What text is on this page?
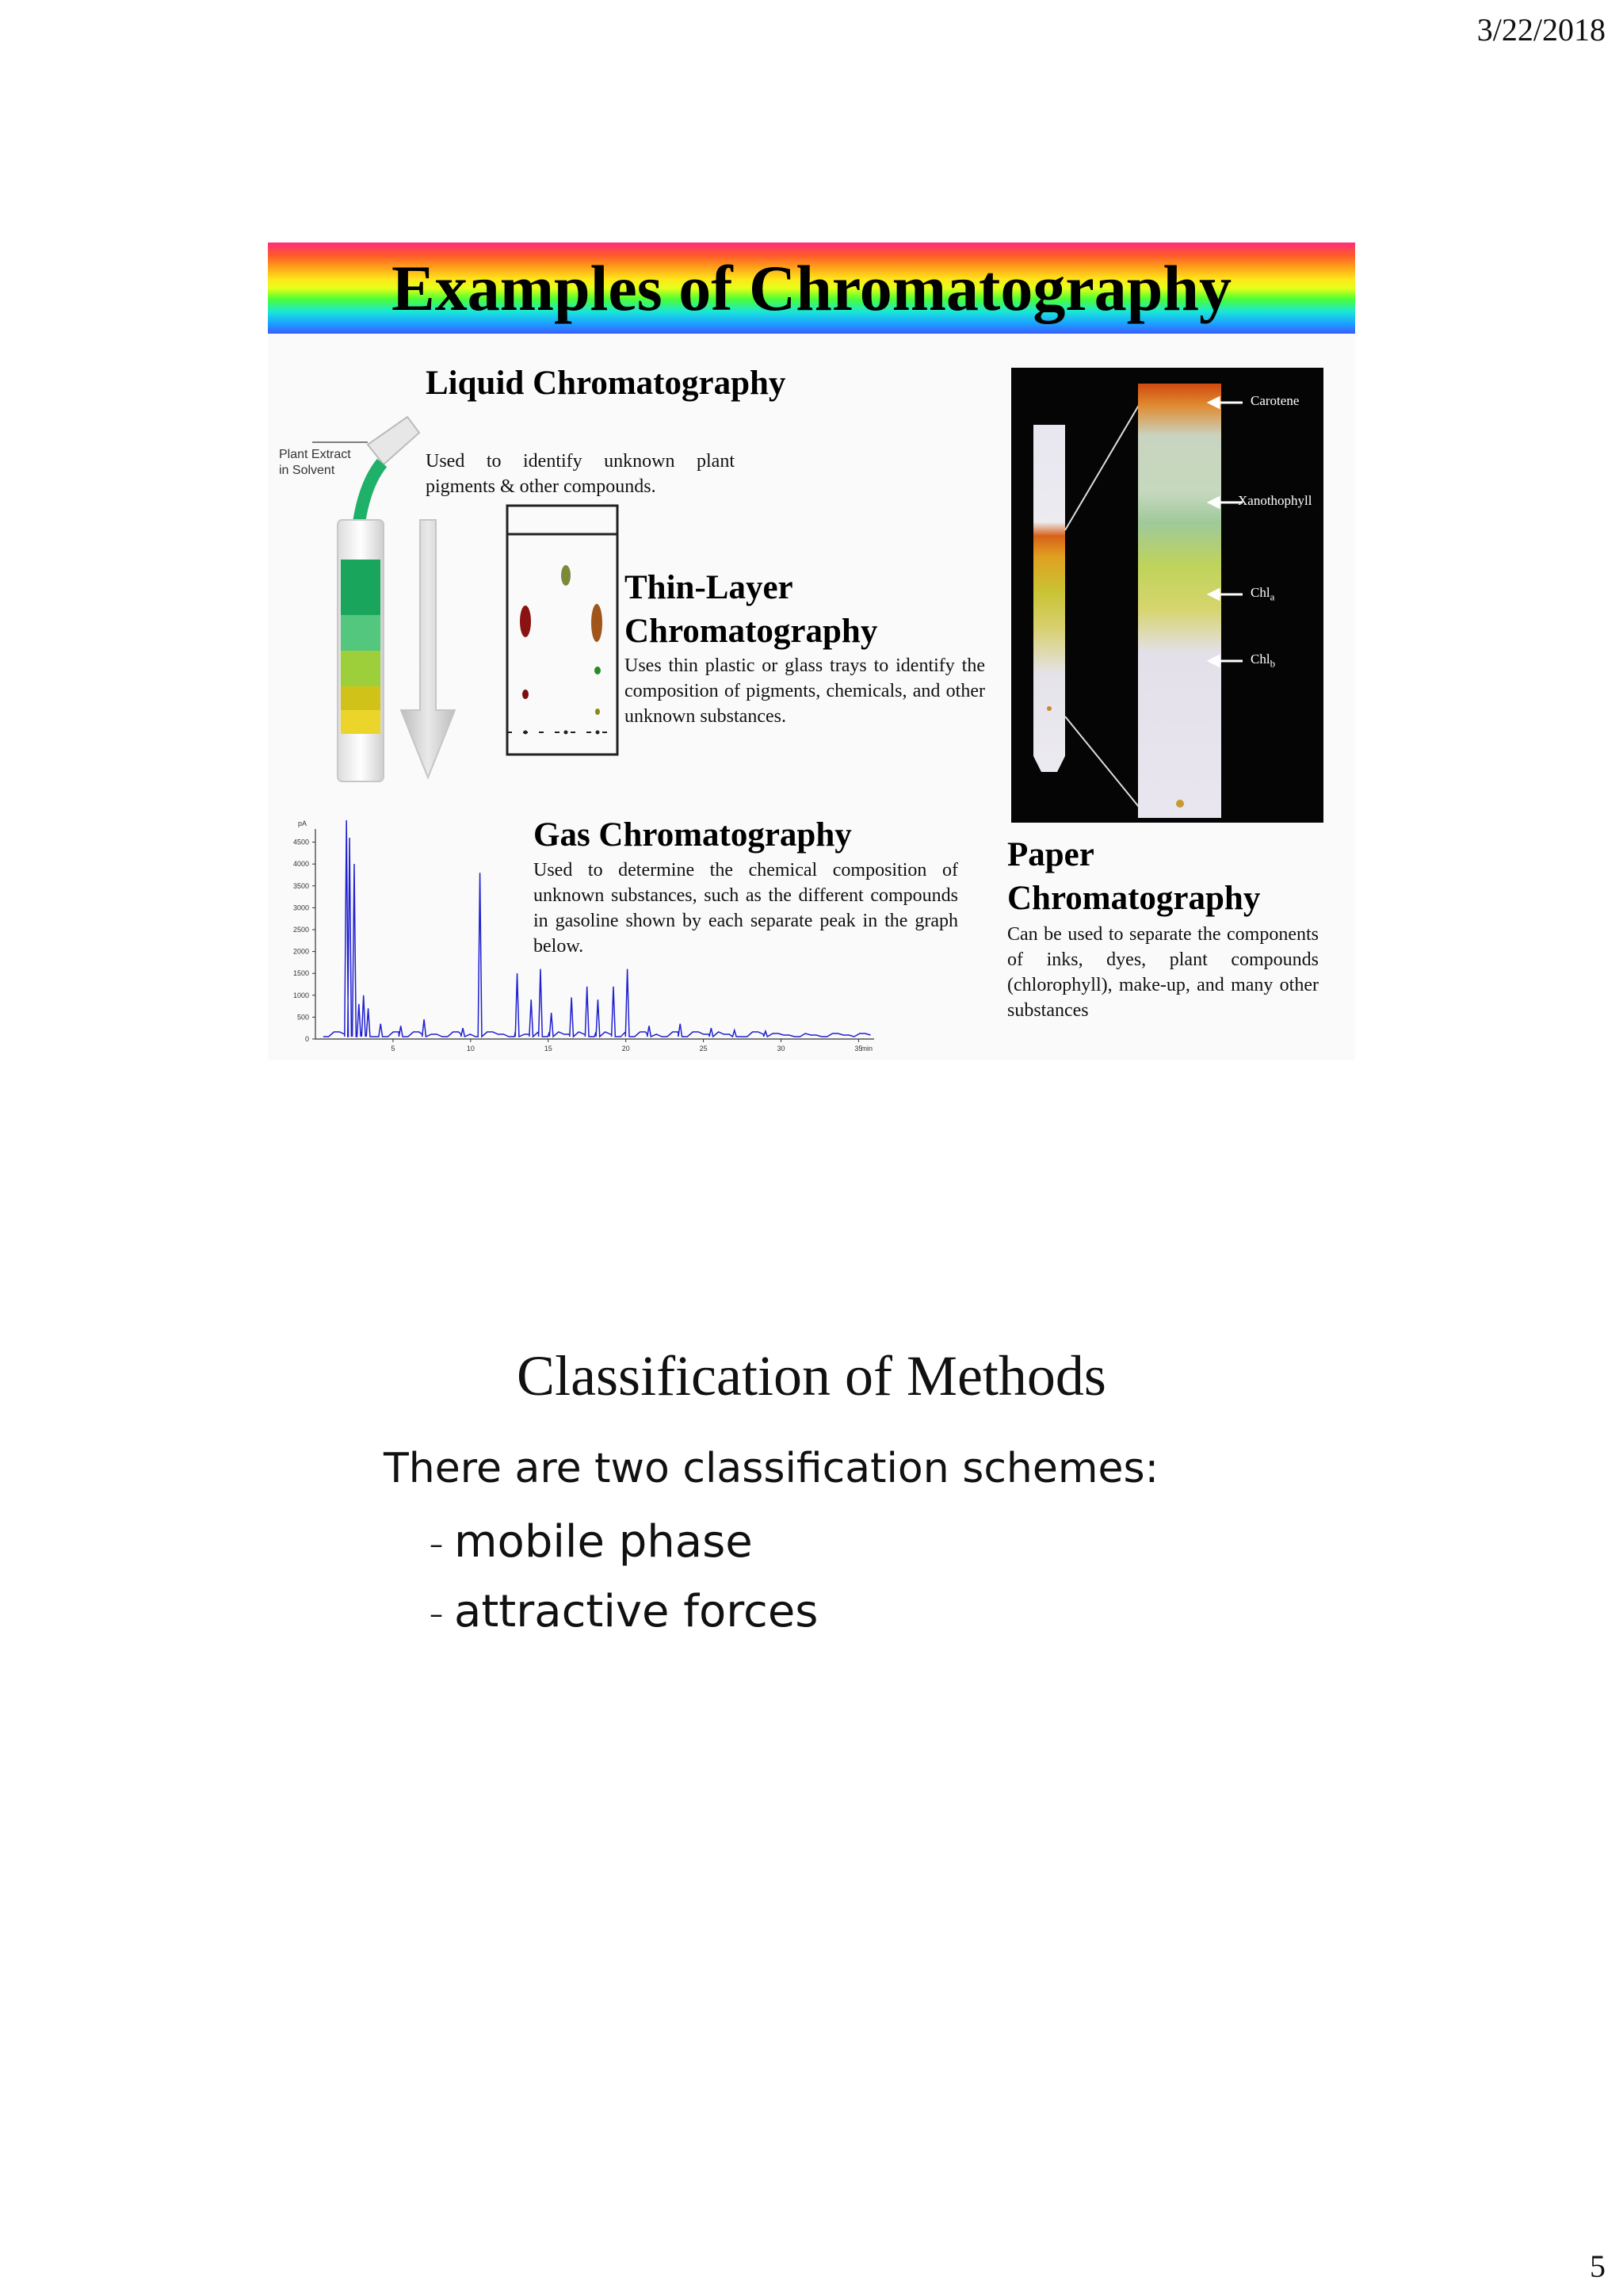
3/22/2018
Examples of Chromatography
Plant Extract in Solvent
Liquid Chromatography
Used to identify unknown plant pigments & other compounds.
Thin-Layer Chromatography
Uses thin plastic or glass trays to identify the composition of pigments, chemicals, and other unknown substances.
pA
0
500
1000
1500
2000
2500
3000
3500
4000
4500
5	10	15	20	25	30	35
min
Gas Chromatography
Used to determine the chemical composition of unknown substances, such as the different compounds in gasoline shown by each separate peak in the graph below.
Carotene
Xanothophyll
Chl$_a$
Chl$_b$
Paper Chromatography
Can be used to separate the components of inks, dyes, plant compounds (chlorophyll), make-up, and many other substances
Classification of Methods
There are two classification schemes:
– mobile phase
– attractive forces
5
